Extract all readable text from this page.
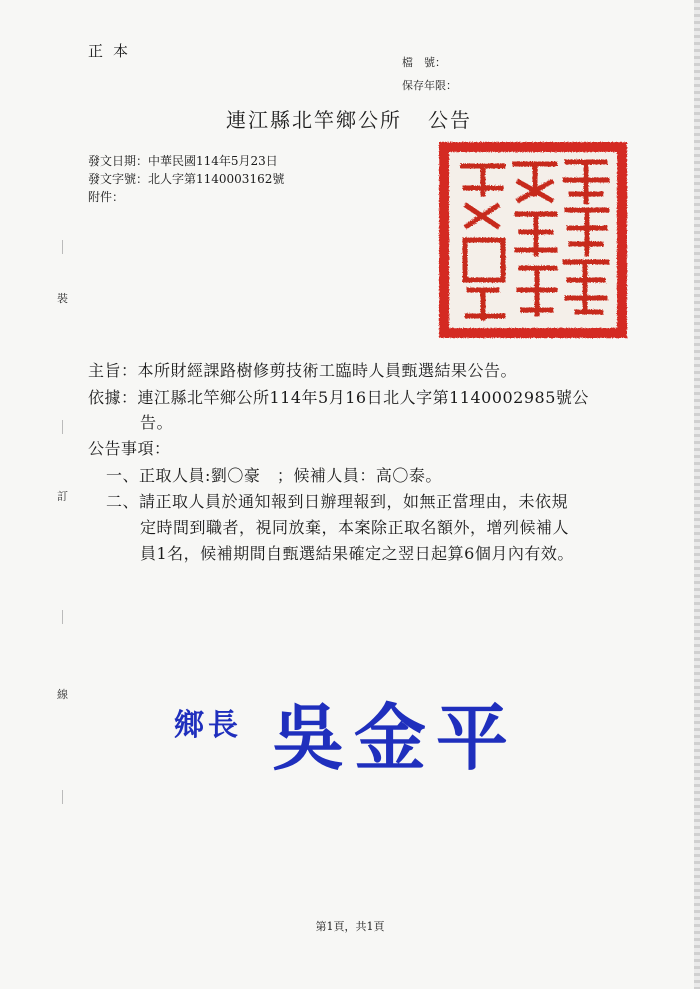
正本
檔　號：
保存年限：
連江縣北竿鄉公所 公告
發文日期：中華民國114年5月23日
發文字號：北人字第1140003162號
附件：
裝
訂
線
主旨：本所財經課路樹修剪技術工臨時人員甄選結果公告。
依據：連江縣北竿鄉公所114年5月16日北人字第1140002985號公
告。
公告事項：
一、正取人員:劉〇豪　；候補人員：高〇泰。
二、請正取人員於通知報到日辦理報到，如無正當理由，未依規
定時間到職者，視同放棄，本案除正取名額外，增列候補人
員1名，候補期間自甄選結果確定之翌日起算6個月內有效。
鄉長 吳金平
第1頁，共1頁
